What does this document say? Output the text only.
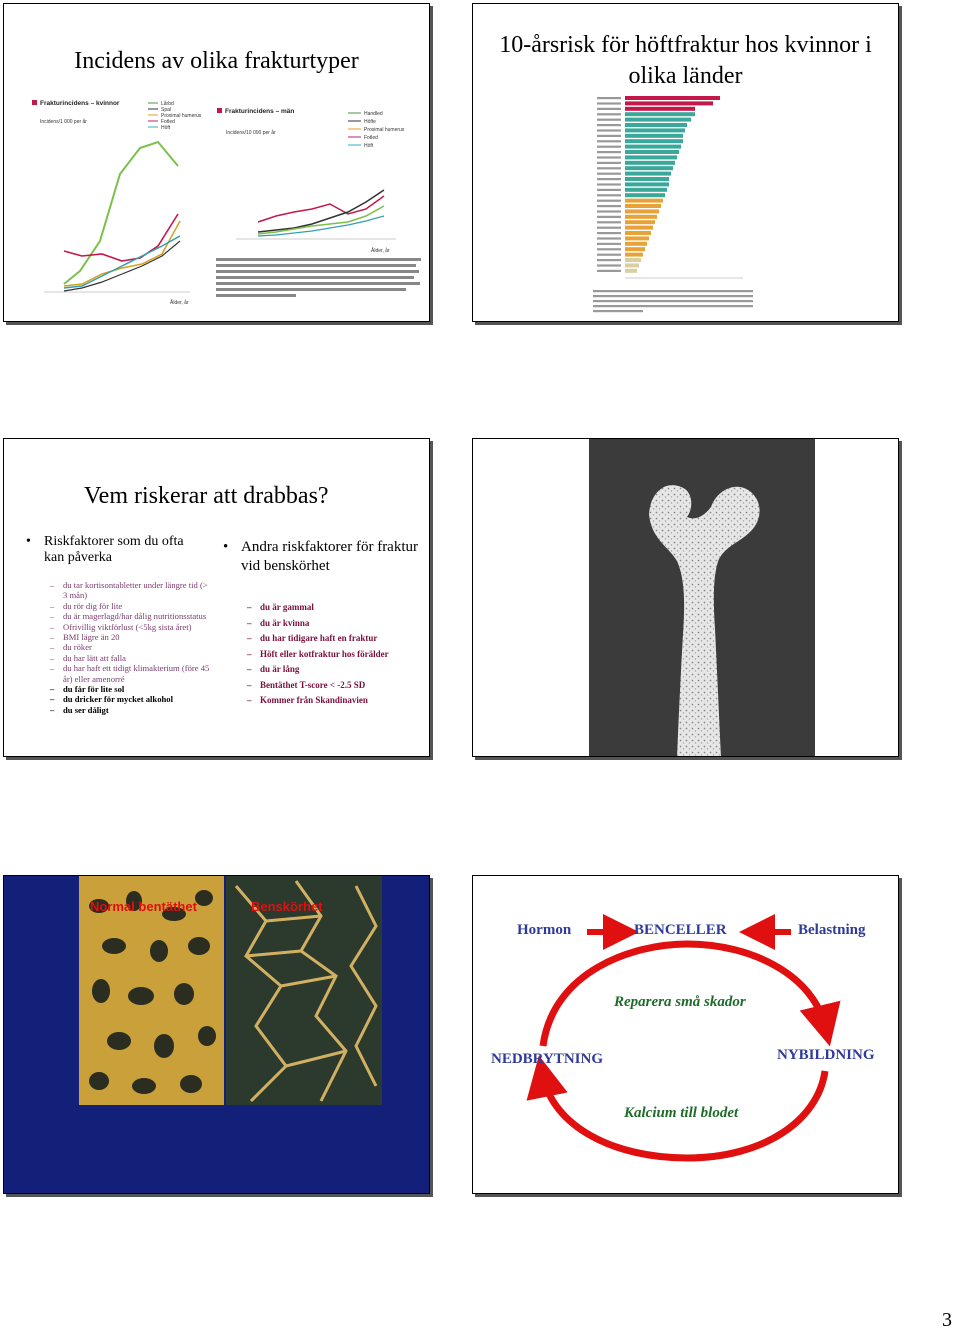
Incidens av olika frakturtyper
Frakturincidens – kvinnor
Incidens/1 000 per år
Lårbd
Spal
Proximal humerus
Fotled
Höft
Ålder, år
Frakturincidens – män
Incidens/10 000 per år
Handled
Höfte
Proximal humerus
Fotled
Höft
Ålder, år
10-årsrisk för höftfraktur hos kvinnor i olika länder
Vem riskerar att drabbas?
• Riskfaktorer som du ofta kan påverka
– du tar kortisontabletter under längre tid (> 3 mån)
– du rör dig för lite
– du är magerlagd/har dålig nutritionsstatus
– Ofrivillig viktförlust (<5kg sista året)
– BMI lägre än 20
– du röker
– du har lätt att falla
– du har haft ett tidigt klimakterium (före 45 år) eller amenorré
– du får för lite sol
– du dricker för mycket alkohol
– du ser dåligt
• Andra riskfaktorer för fraktur vid benskörhet
– du är gammal
– du är kvinna
– du har tidigare haft en fraktur
– Höft eller kotfraktur hos förälder
– du är lång
– Bentäthet T-score < -2.5 SD
– Kommer från Skandinavien
Normal bentäthet	Benskörhet
Hormon	BENCELLER	Belastning
Reparera små skador
NEDBRYTNING	NYBILDNING
Kalcium till blodet
3
